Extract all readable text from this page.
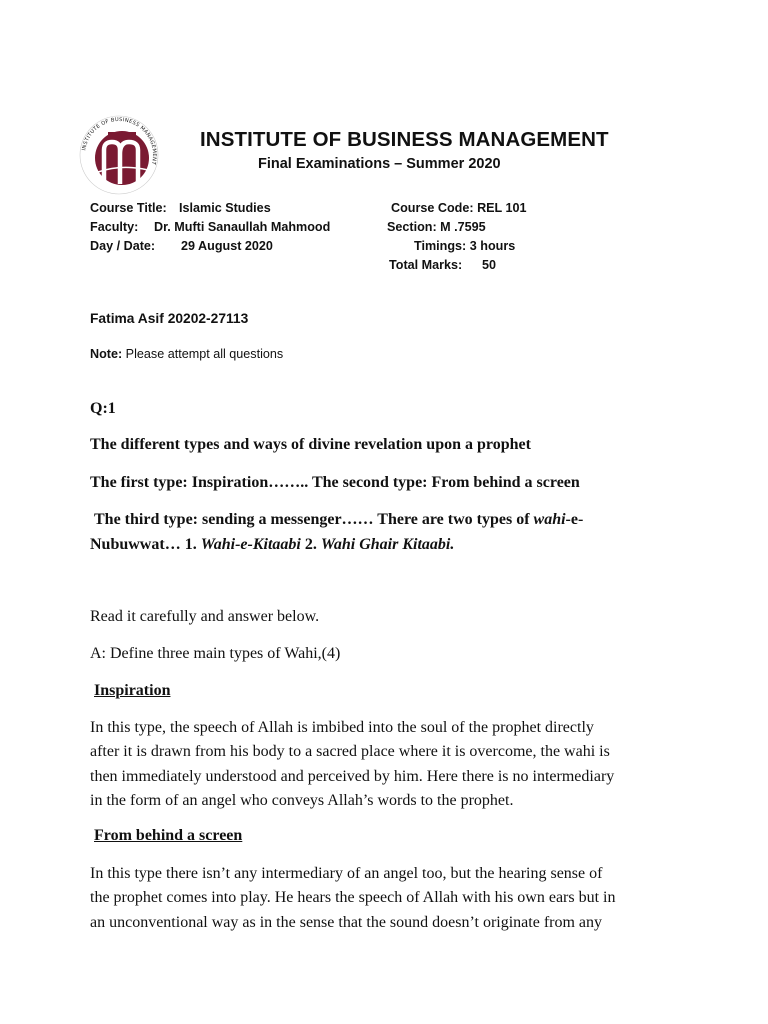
INSTITUTE OF BUSINESS MANAGEMENT
INSTITUTE OF BUSINESS MANAGEMENT
Final Examinations – Summer 2020
Course Title: Islamic Studies
Faculty: Dr. Mufti Sanaullah Mahmood
Day / Date: 29 August 2020
Course Code: REL 101
Section: M .7595
Timings: 3 hours
Total Marks: 50
Fatima Asif 20202-27113
Note: Please attempt all questions
Q:1
The different types and ways of divine revelation upon a prophet
The first type: Inspiration…….. The second type: From behind a screen
The third type: sending a messenger…… There are two types of wahi-e-
Nubuwwat… 1. Wahi-e-Kitaabi 2. Wahi Ghair Kitaabi.
Read it carefully and answer below.
A: Define three main types of Wahi,(4)
Inspiration
In this type, the speech of Allah is imbibed into the soul of the prophet directly
after it is drawn from his body to a sacred place where it is overcome, the wahi is
then immediately understood and perceived by him. Here there is no intermediary
in the form of an angel who conveys Allah’s words to the prophet.
From behind a screen
In this type there isn’t any intermediary of an angel too, but the hearing sense of
the prophet comes into play. He hears the speech of Allah with his own ears but in
an unconventional way as in the sense that the sound doesn’t originate from any
